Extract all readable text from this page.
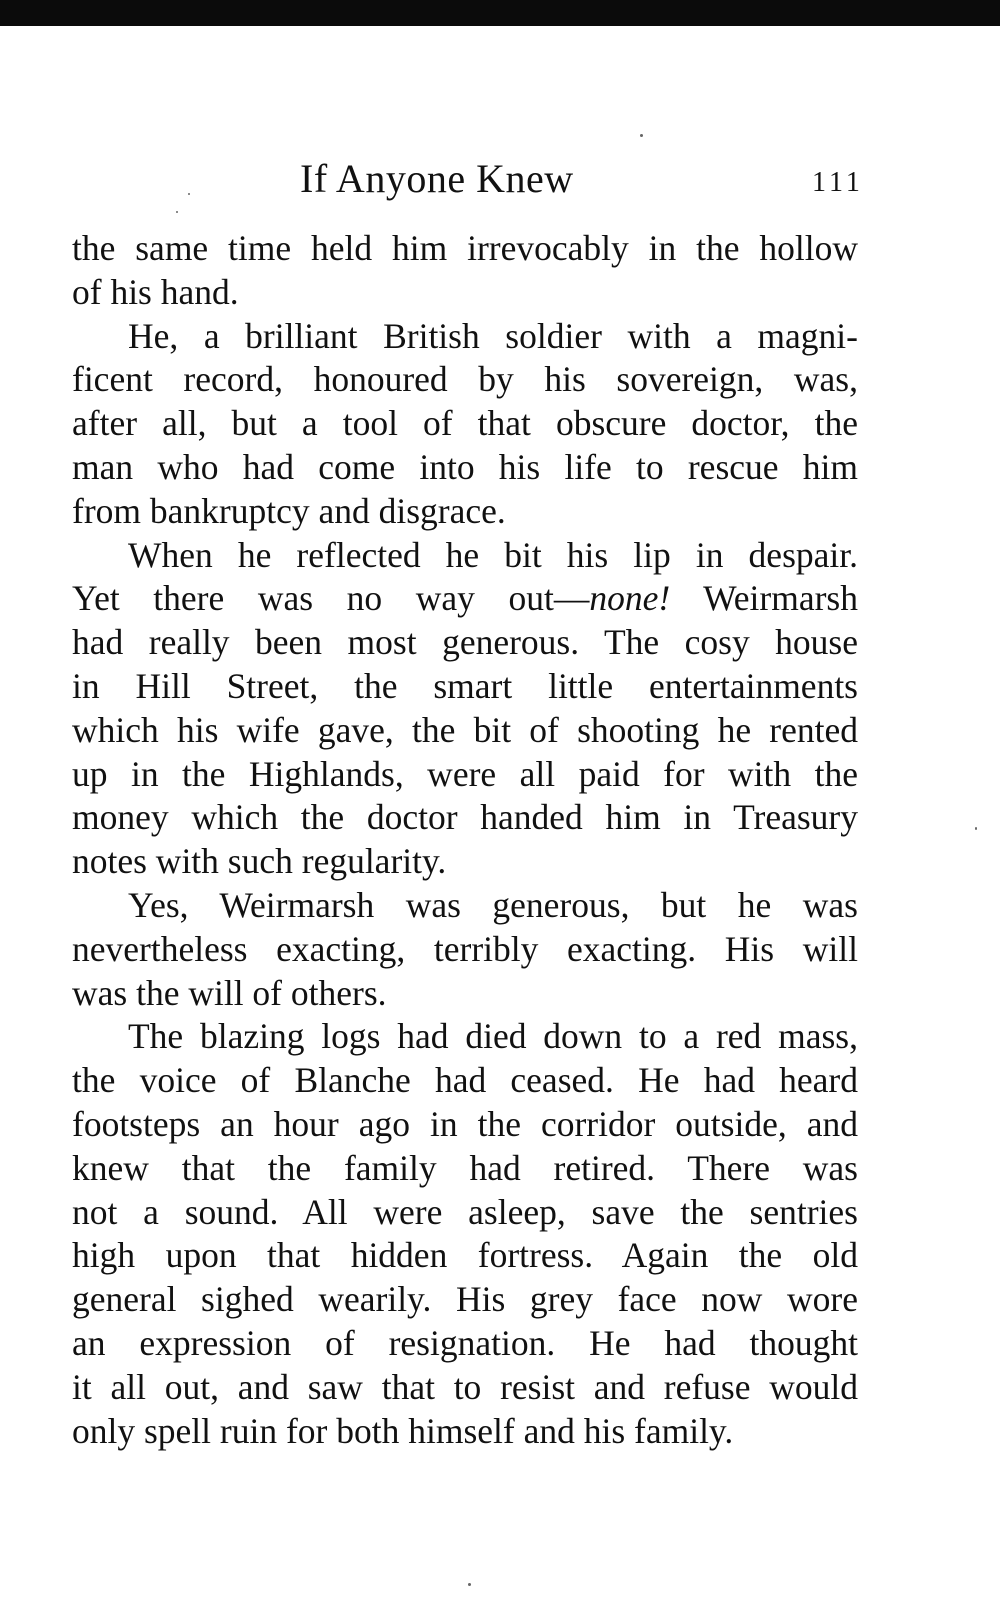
If Anyone Knew	111
the same time held him irrevocably in the hollow
of his hand.
He, a brilliant British soldier with a magni-
ficent record, honoured by his sovereign, was,
after all, but a tool of that obscure doctor, the
man who had come into his life to rescue him
from bankruptcy and disgrace.
When he reflected he bit his lip in despair.
Yet there was no way out—none! Weirmarsh
had really been most generous. The cosy house
in Hill Street, the smart little entertainments
which his wife gave, the bit of shooting he rented
up in the Highlands, were all paid for with the
money which the doctor handed him in Treasury
notes with such regularity.
Yes, Weirmarsh was generous, but he was
nevertheless exacting, terribly exacting. His will
was the will of others.
The blazing logs had died down to a red mass,
the voice of Blanche had ceased. He had heard
footsteps an hour ago in the corridor outside, and
knew that the family had retired. There was
not a sound. All were asleep, save the sentries
high upon that hidden fortress. Again the old
general sighed wearily. His grey face now wore
an expression of resignation. He had thought
it all out, and saw that to resist and refuse would
only spell ruin for both himself and his family.
